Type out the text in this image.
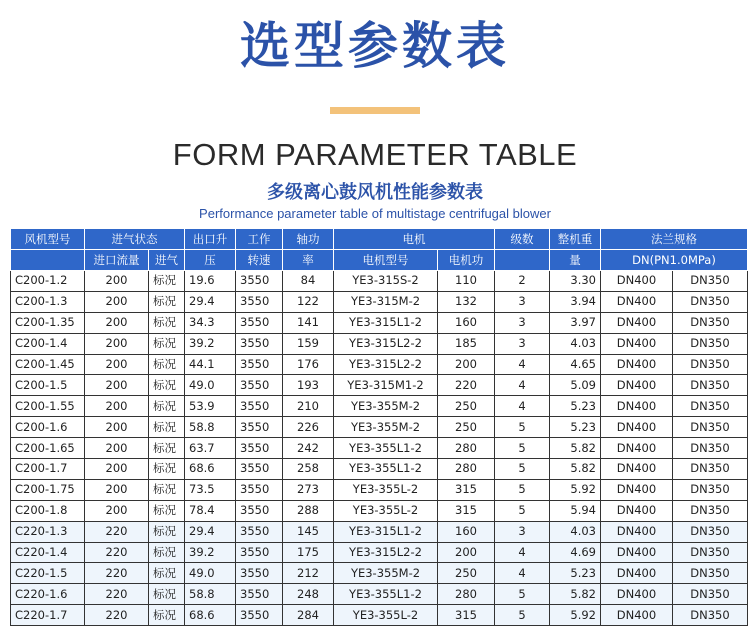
选型参数表
FORM PARAMETER TABLE
多级离心鼓风机性能参数表
Performance parameter table of multistage centrifugal blower
风机型号	进气状态		出口升	工作	轴功	电机		级数	整机重	法兰规格	
	进口流量	进气	压	转速	率	电机型号	电机功		量	DN(PN1.0MPa)	
C200-1.2	200	标况	19.6	3550	84	YE3-315S-2	110	2	3.30	DN400	DN350
C200-1.3	200	标况	29.4	3550	122	YE3-315M-2	132	3	3.94	DN400	DN350
C200-1.35	200	标况	34.3	3550	141	YE3-315L1-2	160	3	3.97	DN400	DN350
C200-1.4	200	标况	39.2	3550	159	YE3-315L2-2	185	3	4.03	DN400	DN350
C200-1.45	200	标况	44.1	3550	176	YE3-315L2-2	200	4	4.65	DN400	DN350
C200-1.5	200	标况	49.0	3550	193	YE3-315M1-2	220	4	5.09	DN400	DN350
C200-1.55	200	标况	53.9	3550	210	YE3-355M-2	250	4	5.23	DN400	DN350
C200-1.6	200	标况	58.8	3550	226	YE3-355M-2	250	5	5.23	DN400	DN350
C200-1.65	200	标况	63.7	3550	242	YE3-355L1-2	280	5	5.82	DN400	DN350
C200-1.7	200	标况	68.6	3550	258	YE3-355L1-2	280	5	5.82	DN400	DN350
C200-1.75	200	标况	73.5	3550	273	YE3-355L-2	315	5	5.92	DN400	DN350
C200-1.8	200	标况	78.4	3550	288	YE3-355L-2	315	5	5.94	DN400	DN350
C220-1.3	220	标况	29.4	3550	145	YE3-315L1-2	160	3	4.03	DN400	DN350
C220-1.4	220	标况	39.2	3550	175	YE3-315L2-2	200	4	4.69	DN400	DN350
C220-1.5	220	标况	49.0	3550	212	YE3-355M-2	250	4	5.23	DN400	DN350
C220-1.6	220	标况	58.8	3550	248	YE3-355L1-2	280	5	5.82	DN400	DN350
C220-1.7	220	标况	68.6	3550	284	YE3-355L-2	315	5	5.92	DN400	DN350
